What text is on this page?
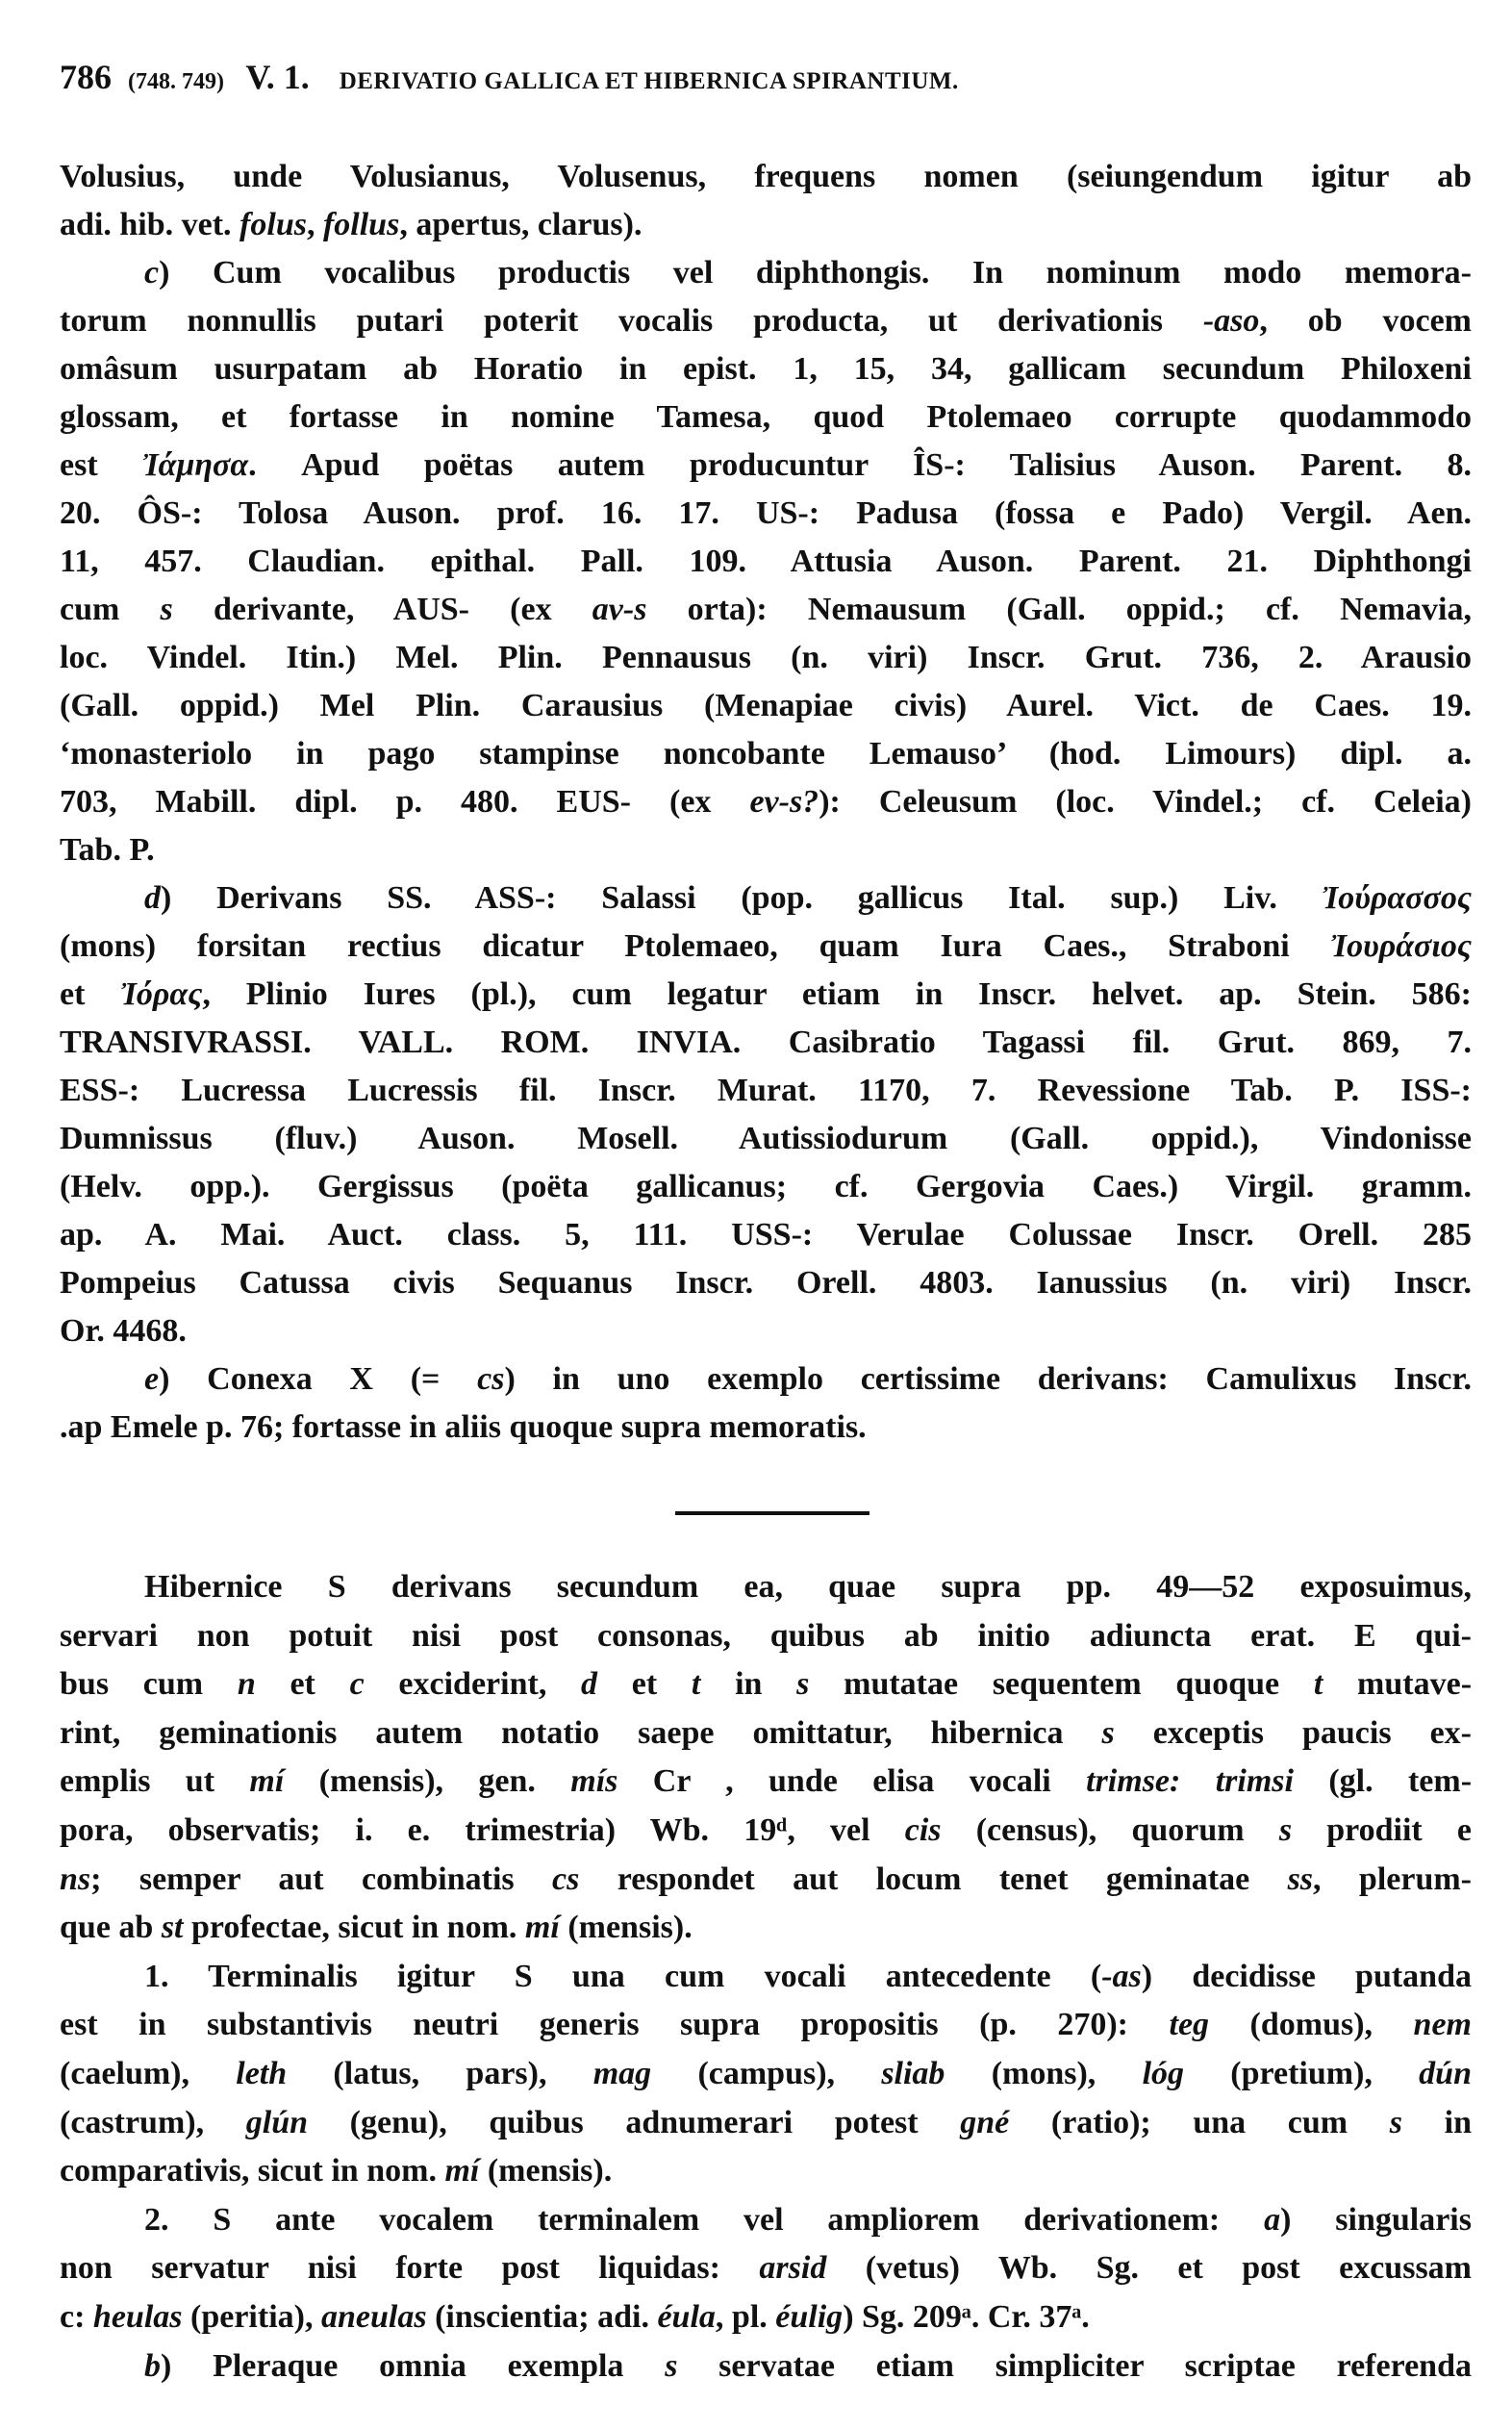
786 (748. 749) V. 1. DERIVATIO GALLICA ET HIBERNICA SPIRANTIUM.
Volusius, unde Volusianus, Volusenus, frequens nomen (seiungendum igitur ab
adi. hib. vet. folus, follus, apertus, clarus).
c) Cum vocalibus productis vel diphthongis. In nominum modo memora-
torum nonnullis putari poterit vocalis producta, ut derivationis -aso, ob vocem
omâsum usurpatam ab Horatio in epist. 1, 15, 34, gallicam secundum Philoxeni
glossam, et fortasse in nomine Tamesa, quod Ptolemaeo corrupte quodammodo
est Ἰάμησα. Apud poëtas autem producuntur ÎS-: Talisius Auson. Parent. 8.
20. ÔS-: Tolosa Auson. prof. 16. 17. US-: Padusa (fossa e Pado) Vergil. Aen.
11, 457. Claudian. epithal. Pall. 109. Attusia Auson. Parent. 21. Diphthongi
cum s derivante, AUS- (ex av-s orta): Nemausum (Gall. oppid.; cf. Nemavia,
loc. Vindel. Itin.) Mel. Plin. Pennausus (n. viri) Inscr. Grut. 736, 2. Arausio
(Gall. oppid.) Mel Plin. Carausius (Menapiae civis) Aurel. Vict. de Caes. 19.
‘monasteriolo in pago stampinse noncobante Lemauso’ (hod. Limours) dipl. a.
703, Mabill. dipl. p. 480. EUS- (ex ev-s?): Celeusum (loc. Vindel.; cf. Celeia)
Tab. P.
d) Derivans SS. ASS-: Salassi (pop. gallicus Ital. sup.) Liv. Ἰούρασσος
(mons) forsitan rectius dicatur Ptolemaeo, quam Iura Caes., Straboni Ἰουράσιος
et Ἰόρας, Plinio Iures (pl.), cum legatur etiam in Inscr. helvet. ap. Stein. 586:
TRANSIVRASSI. VALL. ROM. INVIA. Casibratio Tagassi fil. Grut. 869, 7.
ESS-: Lucressa Lucressis fil. Inscr. Murat. 1170, 7. Revessione Tab. P. ISS-:
Dumnissus (fluv.) Auson. Mosell. Autissiodurum (Gall. oppid.), Vindonisse
(Helv. opp.). Gergissus (poëta gallicanus; cf. Gergovia Caes.) Virgil. gramm.
ap. A. Mai. Auct. class. 5, 111. USS-: Verulae Colussae Inscr. Orell. 285
Pompeius Catussa civis Sequanus Inscr. Orell. 4803. Ianussius (n. viri) Inscr.
Or. 4468.
e) Conexa X (= cs) in uno exemplo certissime derivans: Camulixus Inscr.
.ap Emele p. 76; fortasse in aliis quoque supra memoratis.
Hibernice S derivans secundum ea, quae supra pp. 49—52 exposuimus,
servari non potuit nisi post consonas, quibus ab initio adiuncta erat. E qui-
bus cum n et c exciderint, d et t in s mutatae sequentem quoque t mutave-
rint, geminationis autem notatio saepe omittatur, hibernica s exceptis paucis ex-
emplis ut mí (mensis), gen. mís Cr , unde elisa vocali trimse: trimsi (gl. tem-
pora, observatis; i. e. trimestria) Wb. 19ᵈ, vel cis (census), quorum s prodiit e
ns; semper aut combinatis cs respondet aut locum tenet geminatae ss, plerum-
que ab st profectae, sicut in nom. mí (mensis).
1. Terminalis igitur S una cum vocali antecedente (-as) decidisse putanda
est in substantivis neutri generis supra propositis (p. 270): teg (domus), nem
(caelum), leth (latus, pars), mag (campus), sliab (mons), lóg (pretium), dún
(castrum), glún (genu), quibus adnumerari potest gné (ratio); una cum s in
comparativis, sicut in nom. mí (mensis).
2. S ante vocalem terminalem vel ampliorem derivationem: a) singularis
non servatur nisi forte post liquidas: arsid (vetus) Wb. Sg. et post excussam
c: heulas (peritia), aneulas (inscientia; adi. éula, pl. éulig) Sg. 209ᵃ. Cr. 37ᵃ.
b) Pleraque omnia exempla s servatae etiam simpliciter scriptae referenda
